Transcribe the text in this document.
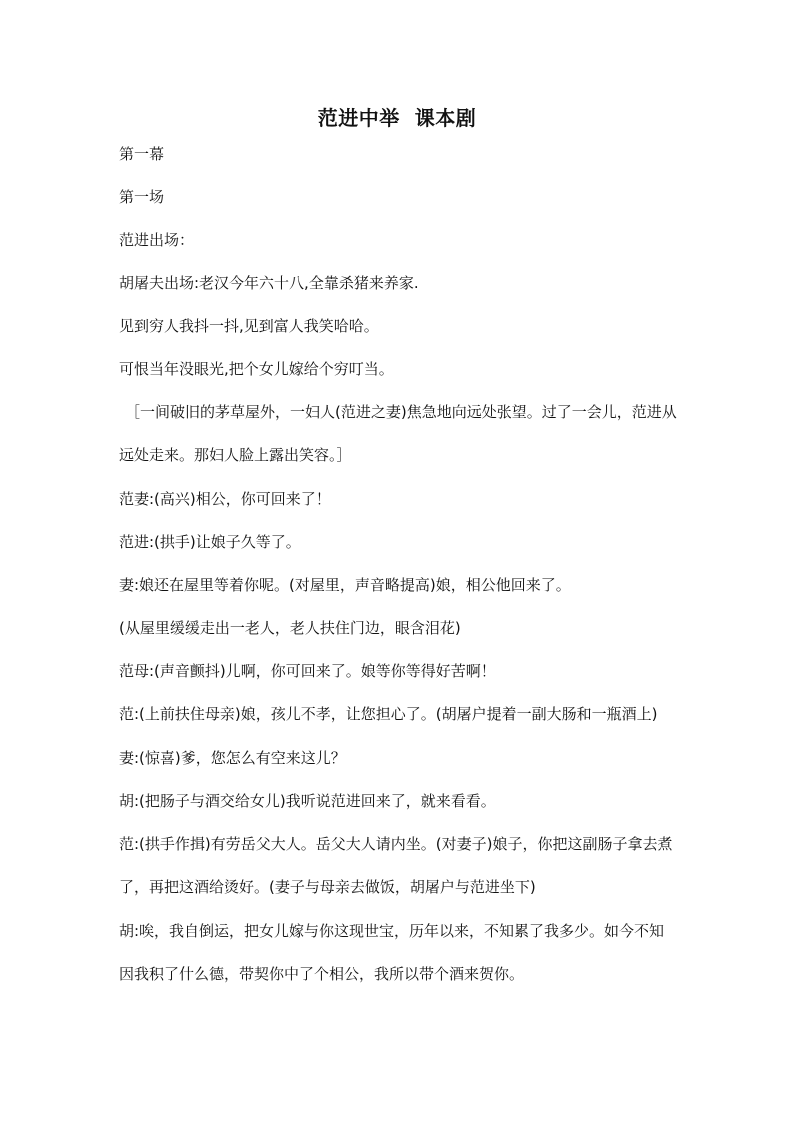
范进中举  课本剧

第一幕

第一场

范进出场：

胡屠夫出场:老汉今年六十八,全靠杀猪来养家.

见到穷人我抖一抖,见到富人我笑哈哈。

可恨当年没眼光,把个女儿嫁给个穷叮当。

［一间破旧的茅草屋外，一妇人(范进之妻)焦急地向远处张望。过了一会儿，范进从远处走来。那妇人脸上露出笑容。］

范妻:(高兴)相公，你可回来了！

范进:(拱手)让娘子久等了。

妻:娘还在屋里等着你呢。(对屋里，声音略提高)娘，相公他回来了。

(从屋里缓缓走出一老人，老人扶住门边，眼含泪花)

范母:(声音颤抖)儿啊，你可回来了。娘等你等得好苦啊！

范:(上前扶住母亲)娘，孩儿不孝，让您担心了。(胡屠户提着一副大肠和一瓶酒上)

妻:(惊喜)爹，您怎么有空来这儿？

胡:(把肠子与酒交给女儿)我听说范进回来了，就来看看。

范:(拱手作揖)有劳岳父大人。岳父大人请内坐。(对妻子)娘子，你把这副肠子拿去煮了，再把这酒给烫好。(妻子与母亲去做饭，胡屠户与范进坐下)

胡:唉，我自倒运，把女儿嫁与你这现世宝，历年以来，不知累了我多少。如今不知因我积了什么德，带契你中了个相公，我所以带个酒来贺你。
